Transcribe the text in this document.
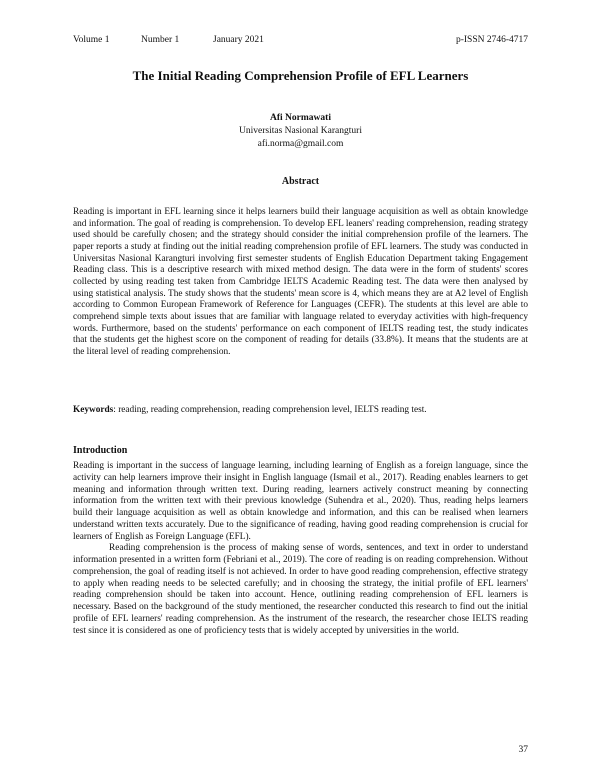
Volume 1	Number 1	January 2021	p-ISSN 2746-4717
The Initial Reading Comprehension Profile of EFL Learners
Afi Normawati
Universitas Nasional Karangturi
afi.norma@gmail.com
Abstract

Reading is important in EFL learning since it helps learners build their language acquisition as well as obtain knowledge and information. The goal of reading is comprehension. To develop EFL leaners' reading comprehension, reading strategy used should be carefully chosen; and the strategy should consider the initial comprehension profile of the learners. The paper reports a study at finding out the initial reading comprehension profile of EFL learners. The study was conducted in Universitas Nasional Karangturi involving first semester students of English Education Department taking Engagement Reading class. This is a descriptive research with mixed method design. The data were in the form of students' scores collected by using reading test taken from Cambridge IELTS Academic Reading test. The data were then analysed by using statistical analysis. The study shows that the students' mean score is 4, which means they are at A2 level of English according to Common European Framework of Reference for Languages (CEFR). The students at this level are able to comprehend simple texts about issues that are familiar with language related to everyday activities with high-frequency words. Furthermore, based on the students' performance on each component of IELTS reading test, the study indicates that the students get the highest score on the component of reading for details (33.8%). It means that the students are at the literal level of reading comprehension.

Keywords: reading, reading comprehension, reading comprehension level, IELTS reading test.

Introduction

Reading is important in the success of language learning, including learning of English as a foreign language, since the activity can help learners improve their insight in English language (Ismail et al., 2017). Reading enables learners to get meaning and information through written text. During reading, learners actively construct meaning by connecting information from the written text with their previous knowledge (Suhendra et al., 2020). Thus, reading helps learners build their language acquisition as well as obtain knowledge and information, and this can be realised when learners understand written texts accurately. Due to the significance of reading, having good reading comprehension is crucial for learners of English as Foreign Language (EFL).

Reading comprehension is the process of making sense of words, sentences, and text in order to understand information presented in a written form (Febriani et al., 2019). The core of reading is on reading comprehension. Without comprehension, the goal of reading itself is not achieved. In order to have good reading comprehension, effective strategy to apply when reading needs to be selected carefully; and in choosing the strategy, the initial profile of EFL learners' reading comprehension should be taken into account. Hence, outlining reading comprehension of EFL learners is necessary. Based on the background of the study mentioned, the researcher conducted this research to find out the initial profile of EFL learners' reading comprehension. As the instrument of the research, the researcher chose IELTS reading test since it is considered as one of proficiency tests that is widely accepted by universities in the world.

37
